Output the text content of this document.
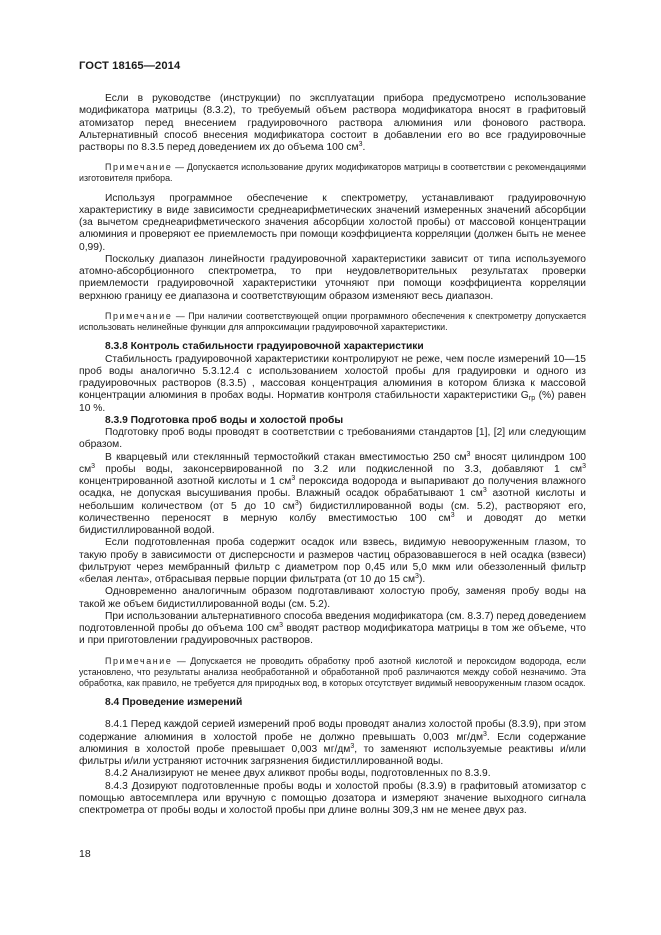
ГОСТ 18165—2014

Если в руководстве (инструкции) по эксплуатации прибора предусмотрено использование модификатора матрицы (8.3.2), то требуемый объем раствора модификатора вносят в графитовый атомизатор перед внесением градуировочного раствора алюминия или фонового раствора. Альтернативный способ внесения модификатора состоит в добавлении его во все градуировочные растворы по 8.3.5 перед доведением их до объема 100 $см^3$.

Примечание — Допускается использование других модификаторов матрицы в соответствии с рекомендациями изготовителя прибора.

Используя программное обеспечение к спектрометру, устанавливают градуировочную характеристику в виде зависимости среднеарифметических значений измеренных значений абсорбции (за вычетом среднеарифметического значения абсорбции холостой пробы) от массовой концентрации алюминия и проверяют ее приемлемость при помощи коэффициента корреляции (должен быть не менее 0,99).

Поскольку диапазон линейности градуировочной характеристики зависит от типа используемого атомно-абсорбционного спектрометра, то при неудовлетворительных результатах проверки приемлемости градуировочной характеристики уточняют при помощи коэффициента корреляции верхнюю границу ее диапазона и соответствующим образом изменяют весь диапазон.

Примечание — При наличии соответствующей опции программного обеспечения к спектрометру допускается использовать нелинейные функции для аппроксимации градуировочной характеристики.

8.3.8 Контроль стабильности градуировочной характеристики

Стабильность градуировочной характеристики контролируют не реже, чем после измерений 10—15 проб воды аналогично 5.3.12.4 с использованием холостой пробы для градуировки и одного из градуировочных растворов (8.3.5) , массовая концентрация алюминия в котором близка к массовой концентрации алюминия в пробах воды. Норматив контроля стабильности характеристики $G_{гр}$ (%) равен 10 %.

8.3.9 Подготовка проб воды и холостой пробы

Подготовку проб воды проводят в соответствии с требованиями стандартов [1], [2] или следующим образом.

В кварцевый или стеклянный термостойкий стакан вместимостью 250 $см^3$ вносят цилиндром 100 $см^3$ пробы воды, законсервированной по 3.2 или подкисленной по 3.3, добавляют 1 $см^3$ концентрированной азотной кислоты и 1 $см^3$ пероксида водорода и выпаривают до получения влажного осадка, не допуская высушивания пробы. Влажный осадок обрабатывают 1 $см^3$ азотной кислоты и небольшим количеством (от 5 до 10 $см^3$) бидистиллированной воды (см. 5.2), растворяют его, количественно переносят в мерную колбу вместимостью 100 $см^3$ и доводят до метки бидистиллированной водой.

Если подготовленная проба содержит осадок или взвесь, видимую невооруженным глазом, то такую пробу в зависимости от дисперсности и размеров частиц образовавшегося в ней осадка (взвеси) фильтруют через мембранный фильтр с диаметром пор 0,45 или 5,0 мкм или обеззоленный фильтр «белая лента», отбрасывая первые порции фильтрата (от 10 до 15 $см^3$).

Одновременно аналогичным образом подготавливают холостую пробу, заменяя пробу воды на такой же объем бидистиллированной воды (см. 5.2).

При использовании альтернативного способа введения модификатора (см. 8.3.7) перед доведением подготовленной пробы до объема 100 $см^3$ вводят раствор модификатора матрицы в том же объеме, что и при приготовлении градуировочных растворов.

Примечание — Допускается не проводить обработку проб азотной кислотой и пероксидом водорода, если установлено, что результаты анализа необработанной и обработанной проб различаются между собой незначимо. Эта обработка, как правило, не требуется для природных вод, в которых отсутствует видимый невооруженным глазом осадок.

8.4 Проведение измерений

8.4.1 Перед каждой серией измерений проб воды проводят анализ холостой пробы (8.3.9), при этом содержание алюминия в холостой пробе не должно превышать 0,003 $мг/дм^3$. Если содержание алюминия в холостой пробе превышает 0,003 $мг/дм^3$, то заменяют используемые реактивы и/или фильтры и/или устраняют источник загрязнения бидистиллированной воды.

8.4.2 Анализируют не менее двух аликвот пробы воды, подготовленных по 8.3.9.

8.4.3 Дозируют подготовленные пробы воды и холостой пробы (8.3.9) в графитовый атомизатор с помощью автосемплера или вручную с помощью дозатора и измеряют значение выходного сигнала спектрометра от пробы воды и холостой пробы при длине волны 309,3 нм не менее двух раз.

18
